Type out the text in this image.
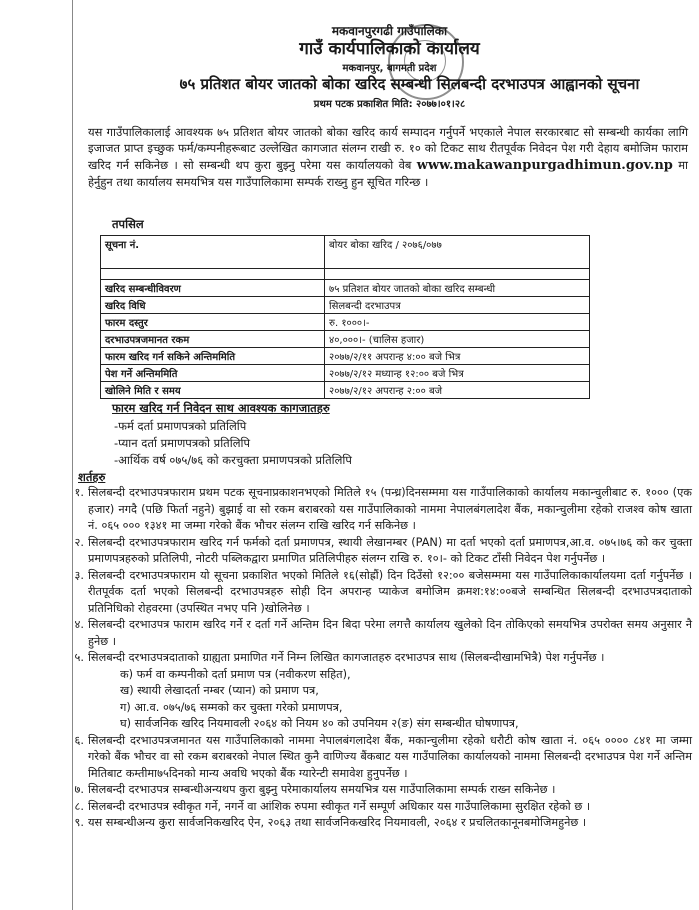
मकवानपुरगढी गाउँपालिका
गाउँ कार्यपालिकाको कार्यालय
मकवानपुर, बागमती प्रदेश
७५ प्रतिशत बोयर जातको बोका खरिद सम्बन्धी सिलबन्दी दरभाउपत्र आह्वानको सूचना
प्रथम पटक प्रकाशित मिति: २०७७।०१।२८
यस गाउँपालिकालाई आवश्यक ७५ प्रतिशत बोयर जातको बोका खरिद कार्य सम्पादन गर्नुपर्ने भएकाले नेपाल सरकारबाट सो सम्बन्धी कार्यका लागि इजाजत प्राप्त इच्छुक फर्म/कम्पनीहरूबाट उल्लेखित कागजात संलग्न राखी रु. १० को टिकट साथ रीतपूर्वक निवेदन पेश गरी देहाय बमोजिम फाराम खरिद गर्न सकिनेछ । सो सम्बन्धी थप कुरा बुझ्नु परेमा यस कार्यालयको वेब www.makawanpurgadhimun.gov.np मा हेर्नुहुन तथा कार्यालय समयभित्र यस गाउँपालिकामा सम्पर्क राख्नु हुन सूचित गरिन्छ ।
तपसिल
सूचना नं.	बोयर बोका खरिद / २०७६/०७७

खरिद सम्बन्धीविवरण	७५ प्रतिशत बोयर जातको बोका खरिद सम्बन्धी
खरिद विधि	सिलबन्दी दरभाउपत्र
फारम दस्तुर	रु. १०००।-
दरभाउपत्रजमानत रकम	४०,०००।- (चालिस हजार)
फारम खरिद गर्न सकिने अन्तिममिति	२०७७/२/११ अपरान्ह ४:०० बजे भित्र
पेश गर्ने अन्तिममिति	२०७७/२/१२ मध्यान्ह १२:०० बजे भित्र
खोलिने मिति र समय	२०७७/२/१२ अपरान्ह २:०० बजे
फारम खरिद गर्न निवेदन साथ आवश्यक कागजातहरु
-फर्म दर्ता प्रमाणपत्रको प्रतिलिपि
-प्यान दर्ता प्रमाणपत्रको प्रतिलिपि
-आर्थिक वर्ष ०७५/७६ को करचुक्ता प्रमाणपत्रको प्रतिलिपि
शर्तहरु
१. सिलबन्दी दरभाउपत्रफाराम प्रथम पटक सूचनाप्रकाशनभएको मितिले १५ (पन्ध्र)दिनसम्ममा यस गाउँपालिकाको कार्यालय मकान्चुलीबाट रु. १००० (एक हजार) नगदै (पछि फिर्ता नहुने) बुझाई वा सो रकम बराबरको यस गाउँपालिकाको नाममा नेपालबंगलादेश बैंक, मकान्चुलीमा रहेको राजश्व कोष खाता नं. ०६५ ००० १३४१ मा जम्मा गरेको बैंक भौचर संलग्न राखि खरिद गर्न सकिनेछ ।
२. सिलबन्दी दरभाउपत्रफाराम खरिद गर्न फर्मको दर्ता प्रमाणपत्र, स्थायी लेखानम्बर (PAN) मा दर्ता भएको दर्ता प्रमाणपत्र,आ.व. ०७५।७६ को कर चुक्ता प्रमाणपत्रहरुको प्रतिलिपी, नोटरी पब्लिकद्वारा प्रमाणित प्रतिलिपीहरु संलग्न राखि रु. १०।- को टिकट टाँसी निवेदन पेश गर्नुपर्नेछ ।
३. सिलबन्दी दरभाउपत्रफाराम यो सूचना प्रकाशित भएको मितिले १६(सोह्रौं) दिन दिउँसो १२:०० बजेसम्ममा यस गाउँपालिकाकार्यालयमा दर्ता गर्नुपर्नेछ । रीतपूर्वक दर्ता भएको सिलबन्दी दरभाउपत्रहरु सोही दिन अपरान्ह प्याकेज बमोजिम क्रमश:१४:००बजे सम्बन्धित सिलबन्दी दरभाउपत्रदाताको प्रतिनिधिको रोहवरमा (उपस्थित नभए पनि )खोलिनेछ ।
४. सिलबन्दी दरभाउपत्र फाराम खरिद गर्ने र दर्ता गर्ने अन्तिम दिन बिदा परेमा लगत्तै कार्यालय खुलेको दिन तोकिएको समयभित्र उपरोक्त समय अनुसार नै हुनेछ ।
५. सिलबन्दी दरभाउपत्रदाताको ग्राह्यता प्रमाणित गर्ने निम्न लिखित कागजातहरु दरभाउपत्र साथ (सिलबन्दीखामभित्रै) पेश गर्नुपर्नेछ ।
क) फर्म वा कम्पनीको दर्ता प्रमाण पत्र (नवीकरण सहित),
ख) स्थायी लेखादर्ता नम्बर (प्यान) को प्रमाण पत्र,
ग) आ.व. ०७५/७६ सम्मको कर चुक्ता गरेको प्रमाणपत्र,
घ) सार्वजनिक खरिद नियमावली २०६४ को नियम ४० को उपनियम २(ङ) संग सम्बन्धीत घोषणापत्र,
६. सिलबन्दी दरभाउपत्रजमानत यस गाउँपालिकाको नाममा नेपालबंगलादेश बैंक, मकान्चुलीमा रहेको धरौटी कोष खाता नं. ०६५ ०००० ८४१ मा जम्मा गरेको बैंक भौचर वा सो रकम बराबरको नेपाल स्थित कुनै वाणिज्य बैंकबाट यस गाउँपालिका कार्यालयको नाममा सिलबन्दी दरभाउपत्र पेश गर्ने अन्तिम मितिबाट कम्तीमा७५दिनको मान्य अवधि भएको बैंक ग्यारेन्टी समावेश हुनुपर्नेछ ।
७. सिलबन्दी दरभाउपत्र सम्बन्धीअन्यथप कुरा बुझ्नु परेमाकार्यालय समयभित्र यस गाउँपालिकामा सम्पर्क राख्न सकिनेछ ।
८. सिलबन्दी दरभाउपत्र स्वीकृत गर्ने, नगर्ने वा आंशिक रुपमा स्वीकृत गर्ने सम्पूर्ण अधिकार यस गाउँपालिकामा सुरक्षित रहेको छ ।
९. यस सम्बन्धीअन्य कुरा सार्वजनिकखरिद ऐन, २०६३ तथा सार्वजनिकखरिद नियमावली, २०६४ र प्रचलितकानूनबमोजिमहुनेछ ।
